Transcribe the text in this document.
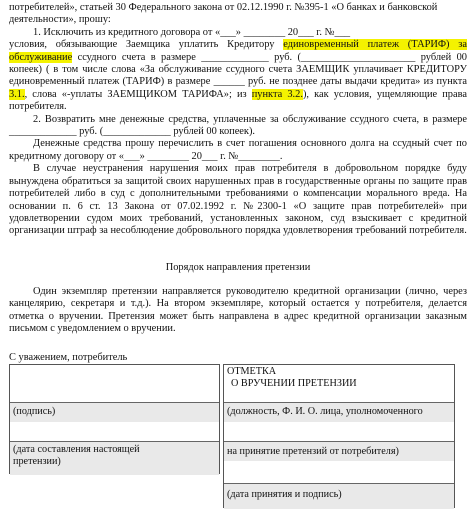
потребителей», статьей 30 Федерального закона от 02.12.1990 г. №395-1 «О банках и банковской

деятельности», прошу:

1. Исключить из кредитного договора от «___» ________ 20___ г. №___
условия, обязывающие Заемщика уплатить Кредитору единовременный платеж (ТАРИФ) за обслуживание ссудного счета в размере _____________ руб. (______________________ рублей 00 копеек) ( в том числе слова «За обслуживание ссудного счета ЗАЕМЩИК уплачивает КРЕДИТОРУ единовременный платеж (ТАРИФ) в размере ______ руб. не позднее даты выдачи кредита» из пункта 3.1., слова «-уплаты ЗАЕМЩИКОМ ТАРИФА»; из пункта 3.2.), как условия, ущемляющие права потребителя.

2. Возвратить мне денежные средства, уплаченные за обслуживание ссудного счета, в размере _____________ руб. (_____________ рублей 00 копеек).

Денежные средства прошу перечислить в счет погашения основного долга на ссудный счет по кредитному договору от «___» ________ 20___ г. №________.

В случае неустранения нарушения моих прав потребителя в добровольном порядке буду вынуждена обратиться за защитой своих нарушенных прав в государственные органы по защите прав потребителей либо в суд с дополнительными требованиями о компенсации морального вреда. На основании п. 6 ст. 13 Закона от 07.02.1992 г. №2300-1 «О защите прав потребителей» при удовлетворении судом моих требований, установленных законом, суд взыскивает с кредитной организации штраф за несоблюдение добровольного порядка удовлетворения требований потребителя.

Порядок направления претензии
Один экземпляр претензии направляется руководителю кредитной организации (лично, через канцелярию, секретаря и т.д.). На втором экземпляре, который остается у потребителя, делается отметка о вручении. Претензия может быть направлена в адрес кредитной организации заказным письмом с уведомлением о вручении.
С уважением, потребитель
(подпись)
(дата составления настоящей
претензии)
ОТМЕТКА
О ВРУЧЕНИИ ПРЕТЕНЗИИ
(должность, Ф. И. О. лица, уполномоченного
на принятие претензий от потребителя)
(дата принятия и подпись)
